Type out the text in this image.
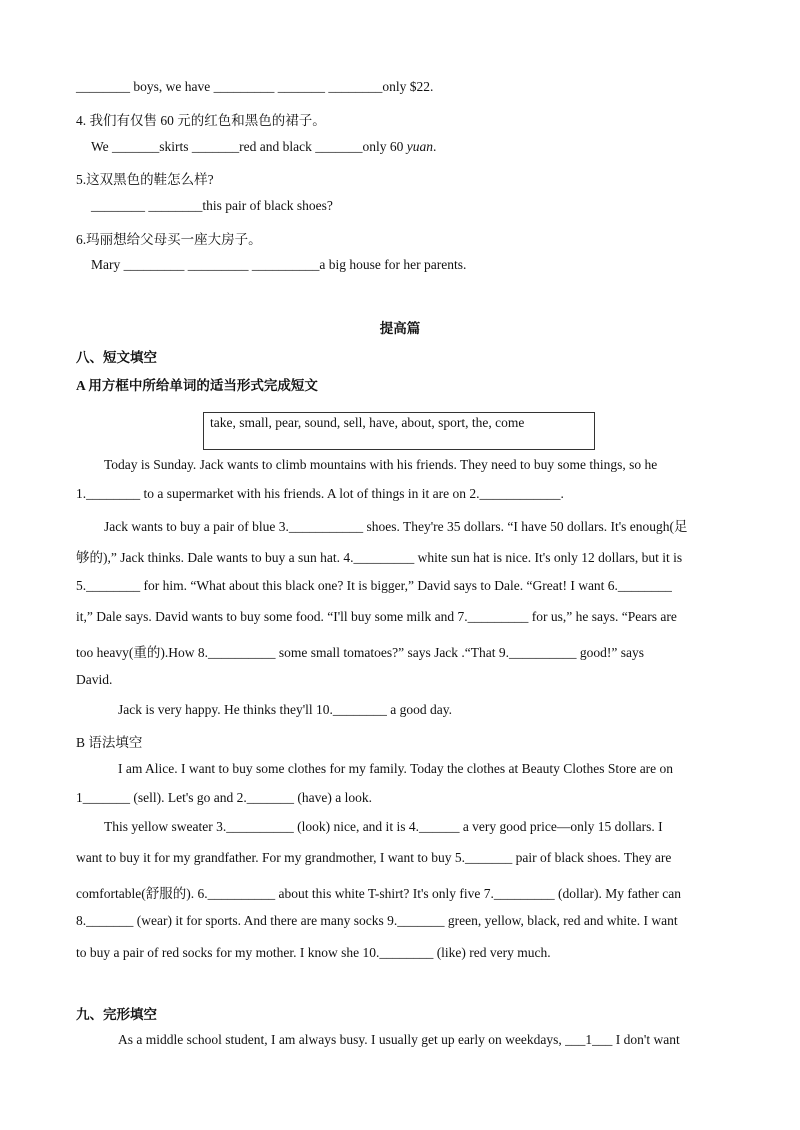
________ boys, we have _________ _______ ________only $22.
4. 我们有仅售 60 元的红色和黑色的裙子。
We _______skirts _______red and black _______only 60 yuan.
5.这双黑色的鞋怎么样?
________ ________this pair of black shoes?
6.玛丽想给父母买一座大房子。
Mary _________ _________ __________a big house for her parents.
提高篇
八、短文填空
A 用方框中所给单词的适当形式完成短文
take, small, pear, sound, sell, have, about, sport, the, come
Today is Sunday. Jack wants to climb mountains with his friends. They need to buy some things, so he
1.________ to a supermarket with his friends. A lot of things in it are on 2.____________.
Jack wants to buy a pair of blue 3.___________ shoes. They're 35 dollars. “I have 50 dollars. It's enough(足
够的),” Jack thinks. Dale wants to buy a sun hat. 4._________ white sun hat is nice. It's only 12 dollars, but it is
5.________ for him. “What about this black one? It is bigger,” David says to Dale. “Great! I want 6.________
it,” Dale says. David wants to buy some food. “I'll buy some milk and 7._________ for us,” he says. “Pears are
too heavy(重的).How 8.__________ some small tomatoes?” says Jack .“That 9.__________ good!” says
David.
Jack is very happy. He thinks they'll 10.________ a good day.
B 语法填空
I am Alice. I want to buy some clothes for my family. Today the clothes at Beauty Clothes Store are on
1_______ (sell). Let's go and 2._______ (have) a look.
This yellow sweater 3.__________ (look) nice, and it is 4.______ a very good price—only 15 dollars. I
want to buy it for my grandfather. For my grandmother, I want to buy 5._______ pair of black shoes. They are
comfortable(舒服的). 6.__________ about this white T-shirt? It's only five 7._________ (dollar). My father can
8._______ (wear) it for sports. And there are many socks 9._______ green, yellow, black, red and white. I want
to buy a pair of red socks for my mother. I know she 10.________ (like) red very much.
九、完形填空
As a middle school student, I am always busy. I usually get up early on weekdays, ___1___ I don't want
